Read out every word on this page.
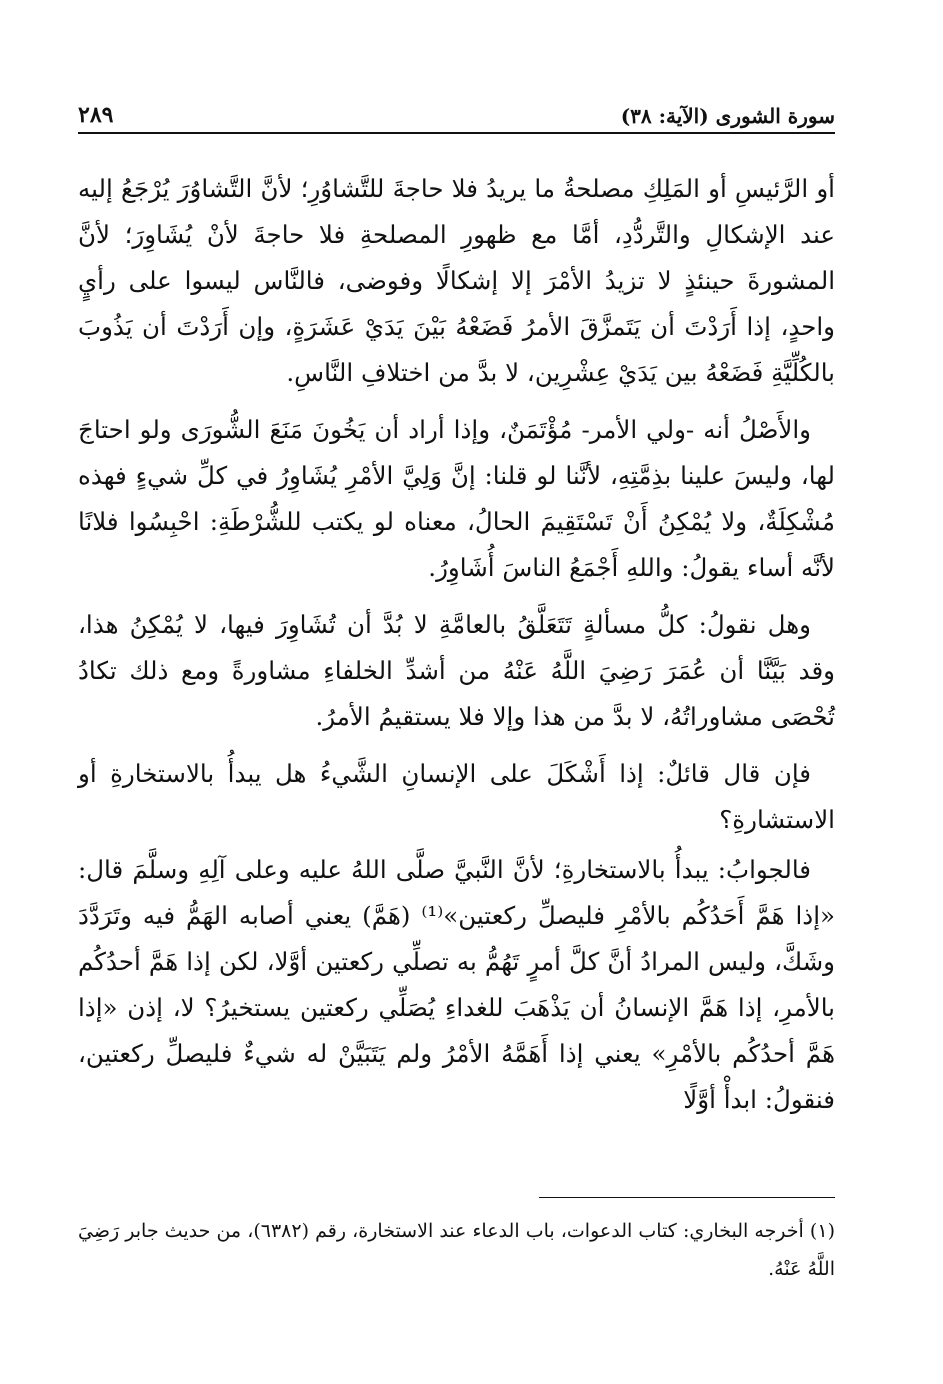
سورة الشورى (الآية: ٣٨)
٢٨٩

أو الرَّئيسِ أو المَلِكِ مصلحةُ ما يريدُ فلا حاجةَ للتَّشاوُرِ؛ لأنَّ التَّشاوُرَ يُرْجَعُ إليه عند الإشكالِ والتَّردُّدِ، أمَّا مع ظهورِ المصلحةِ فلا حاجةَ لأنْ يُشَاوِرَ؛ لأنَّ المشورةَ حينئذٍ لا تزيدُ الأمْرَ إلا إشكالًا وفوضى، فالنَّاس ليسوا على رأيٍ واحدٍ، إذا أَرَدْتَ أن يَتَمزَّقَ الأمرُ فَضَعْهُ بَيْنَ يَدَيْ عَشَرَةٍ، وإن أَرَدْتَ أن يَذُوبَ بالكُلِّيَّةِ فَضَعْهُ بين يَدَيْ عِشْرِين، لا بدَّ من اختلافِ النَّاسِ.

والأَصْلُ أنه -ولي الأمر- مُؤْتَمَنٌ، وإذا أراد أن يَخُونَ مَنَعَ الشُّورَى ولو احتاجَ لها، وليسَ علينا بذِمَّتِهِ، لأنَّنا لو قلنا: إنَّ وَلِيَّ الأمْرِ يُشَاوِرُ في كلِّ شيءٍ فهذه مُشْكِلَةٌ، ولا يُمْكِنُ أَنْ تَسْتَقِيمَ الحالُ، معناه لو يكتب للشُّرْطَةِ: احْبِسُوا فلانًا لأنَّه أساء يقولُ: واللهِ أَجْمَعُ الناسَ أُشَاوِرُ.

وهل نقولُ: كلُّ مسألةٍ تَتَعَلَّقُ بالعامَّةِ لا بُدَّ أن تُشَاوِرَ فيها، لا يُمْكِنُ هذا، وقد بَيَّنَّا أن عُمَرَ رَضِيَ اللَّهُ عَنْهُ من أشدِّ الخلفاءِ مشاورةً ومع ذلك تكادُ تُحْصَى مشاوراتُهُ، لا بدَّ من هذا وإلا فلا يستقيمُ الأمرُ.

فإن قال قائلٌ: إذا أَشْكَلَ على الإنسانِ الشَّيءُ هل يبدأُ بالاستخارةِ أو الاستشارةِ؟

فالجوابُ: يبدأُ بالاستخارةِ؛ لأنَّ النَّبيَّ صلَّى اللهُ عليه وعلى آلِهِ وسلَّمَ قال: «إذا هَمَّ أَحَدُكُم بالأمْرِ فليصلِّ ركعتين»⁽¹⁾ (هَمَّ) يعني أصابه الهَمُّ فيه وتَرَدَّدَ وشَكَّ، وليس المرادُ أنَّ كلَّ أمرٍ تَهُمُّ به تصلِّي ركعتين أوَّلا، لكن إذا هَمَّ أحدُكُم بالأمرِ، إذا هَمَّ الإنسانُ أن يَذْهَبَ للغداءِ يُصَلِّي ركعتين يستخيرُ؟ لا، إذن «إذا هَمَّ أحدُكُم بالأمْرِ» يعني إذا أَهَمَّهُ الأمْرُ ولم يَتَبَيَّنْ له شيءٌ فليصلِّ ركعتين، فنقولُ: ابدأْ أوَّلًا

(١) أخرجه البخاري: كتاب الدعوات، باب الدعاء عند الاستخارة، رقم (٦٣٨٢)، من حديث جابر رَضِيَ اللَّهُ عَنْهُ.
